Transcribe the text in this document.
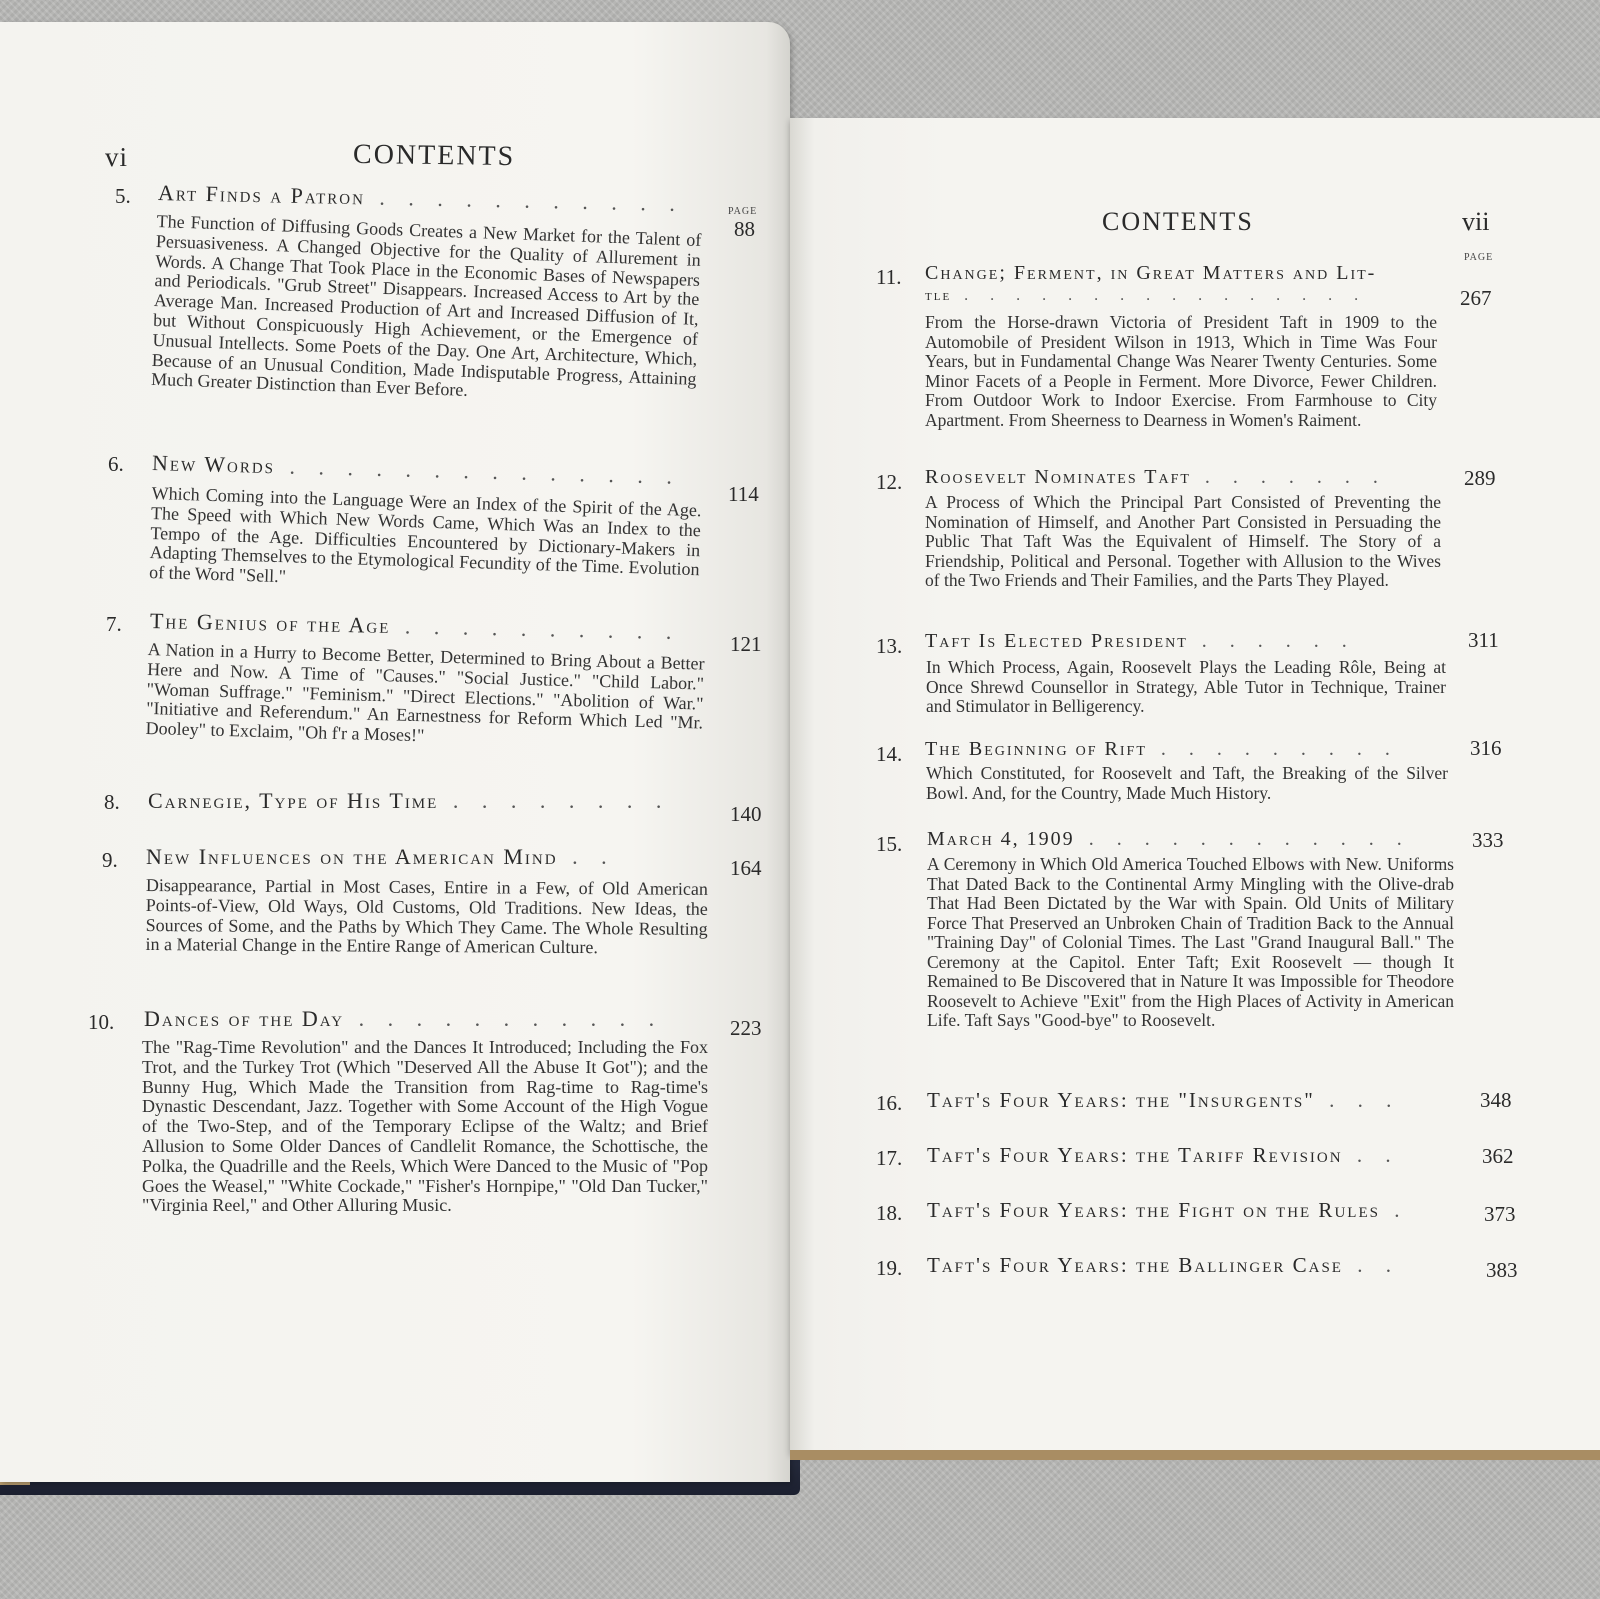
vi	CONTENTS
PAGE
5. Art Finds a Patron . . . . . . . . . . .
88
The Function of Diffusing Goods Creates a New Market for the Talent of Persuasiveness. A Changed Objective for the Quality of Allurement in Words. A Change That Took Place in the Economic Bases of Newspapers and Periodicals. "Grub Street" Disappears. Increased Access to Art by the Average Man. Increased Production of Art and Increased Diffusion of It, but Without Conspicuously High Achievement, or the Emergence of Unusual Intellects. Some Poets of the Day. One Art, Architecture, Which, Because of an Unusual Condition, Made Indisputable Progress, Attaining Much Greater Distinction than Ever Before.
6. New Words . . . . . . . . . . . . . .
114
Which Coming into the Language Were an Index of the Spirit of the Age. The Speed with Which New Words Came, Which Was an Index to the Tempo of the Age. Difficulties Encountered by Dictionary-Makers in Adapting Themselves to the Etymological Fecundity of the Time. Evolution of the Word "Sell."
7. The Genius of the Age . . . . . . . . . . 121
A Nation in a Hurry to Become Better, Determined to Bring About a Better Here and Now. A Time of "Causes." "Social Justice." "Child Labor." "Woman Suffrage." "Feminism." "Direct Elections." "Abolition of War." "Initiative and Referendum." An Earnestness for Reform Which Led "Mr. Dooley" to Exclaim, "Oh f'r a Moses!"
8. Carnegie, Type of His Time . . . . . . . .
140
9. New Influences on the American Mind . .	164
Disappearance, Partial in Most Cases, Entire in a Few, of Old American Points-of-View, Old Ways, Old Customs, Old Traditions. New Ideas, the Sources of Some, and the Paths by Which They Came. The Whole Resulting in a Material Change in the Entire Range of American Culture.
10. Dances of the Day . . . . . . . . . . .	223
The "Rag-Time Revolution" and the Dances It Introduced; Including the Fox Trot, and the Turkey Trot (Which "Deserved All the Abuse It Got"); and the Bunny Hug, Which Made the Transition from Rag-time to Rag-time's Dynastic Descendant, Jazz. Together with Some Account of the High Vogue of the Two-Step, and of the Temporary Eclipse of the Waltz; and Brief Allusion to Some Older Dances of Candlelit Romance, the Schottische, the Polka, the Quadrille and the Reels, Which Were Danced to the Music of "Pop Goes the Weasel," "White Cockade," "Fisher's Hornpipe," "Old Dan Tucker," "Virginia Reel," and Other Alluring Music.
CONTENTS	vii
PAGE
11. Change; Ferment, in Great Matters and Lit-
tle . . . . . . . . . . . . . . . .	267
From the Horse-drawn Victoria of President Taft in 1909 to the Automobile of President Wilson in 1913, Which in Time Was Four Years, but in Fundamental Change Was Nearer Twenty Centuries. Some Minor Facets of a People in Ferment. More Divorce, Fewer Children. From Outdoor Work to Indoor Exercise. From Farmhouse to City Apartment. From Sheerness to Dearness in Women's Raiment.
12. Roosevelt Nominates Taft . . . . . . .	289
A Process of Which the Principal Part Consisted of Preventing the Nomination of Himself, and Another Part Consisted in Persuading the Public That Taft Was the Equivalent of Himself. The Story of a Friendship, Political and Personal. Together with Allusion to the Wives of the Two Friends and Their Families, and the Parts They Played.
13. Taft Is Elected President . . . . . .	311
In Which Process, Again, Roosevelt Plays the Leading Rôle, Being at Once Shrewd Counsellor in Strategy, Able Tutor in Technique, Trainer and Stimulator in Belligerency.
14. The Beginning of Rift . . . . . . . . .	316
Which Constituted, for Roosevelt and Taft, the Breaking of the Silver Bowl. And, for the Country, Made Much History.
15. March 4, 1909 . . . . . . . . . . . .	333
A Ceremony in Which Old America Touched Elbows with New. Uniforms That Dated Back to the Continental Army Mingling with the Olive-drab That Had Been Dictated by the War with Spain. Old Units of Military Force That Preserved an Unbroken Chain of Tradition Back to the Annual "Training Day" of Colonial Times. The Last "Grand Inaugural Ball." The Ceremony at the Capitol. Enter Taft; Exit Roosevelt — though It Remained to Be Discovered that in Nature It was Impossible for Theodore Roosevelt to Achieve "Exit" from the High Places of Activity in American Life. Taft Says "Good-bye" to Roosevelt.
16. Taft's Four Years: the "Insurgents" . . .	348
17. Taft's Four Years: the Tariff Revision . .	362
18. Taft's Four Years: the Fight on the Rules .	373
19. Taft's Four Years: the Ballinger Case . .	383
